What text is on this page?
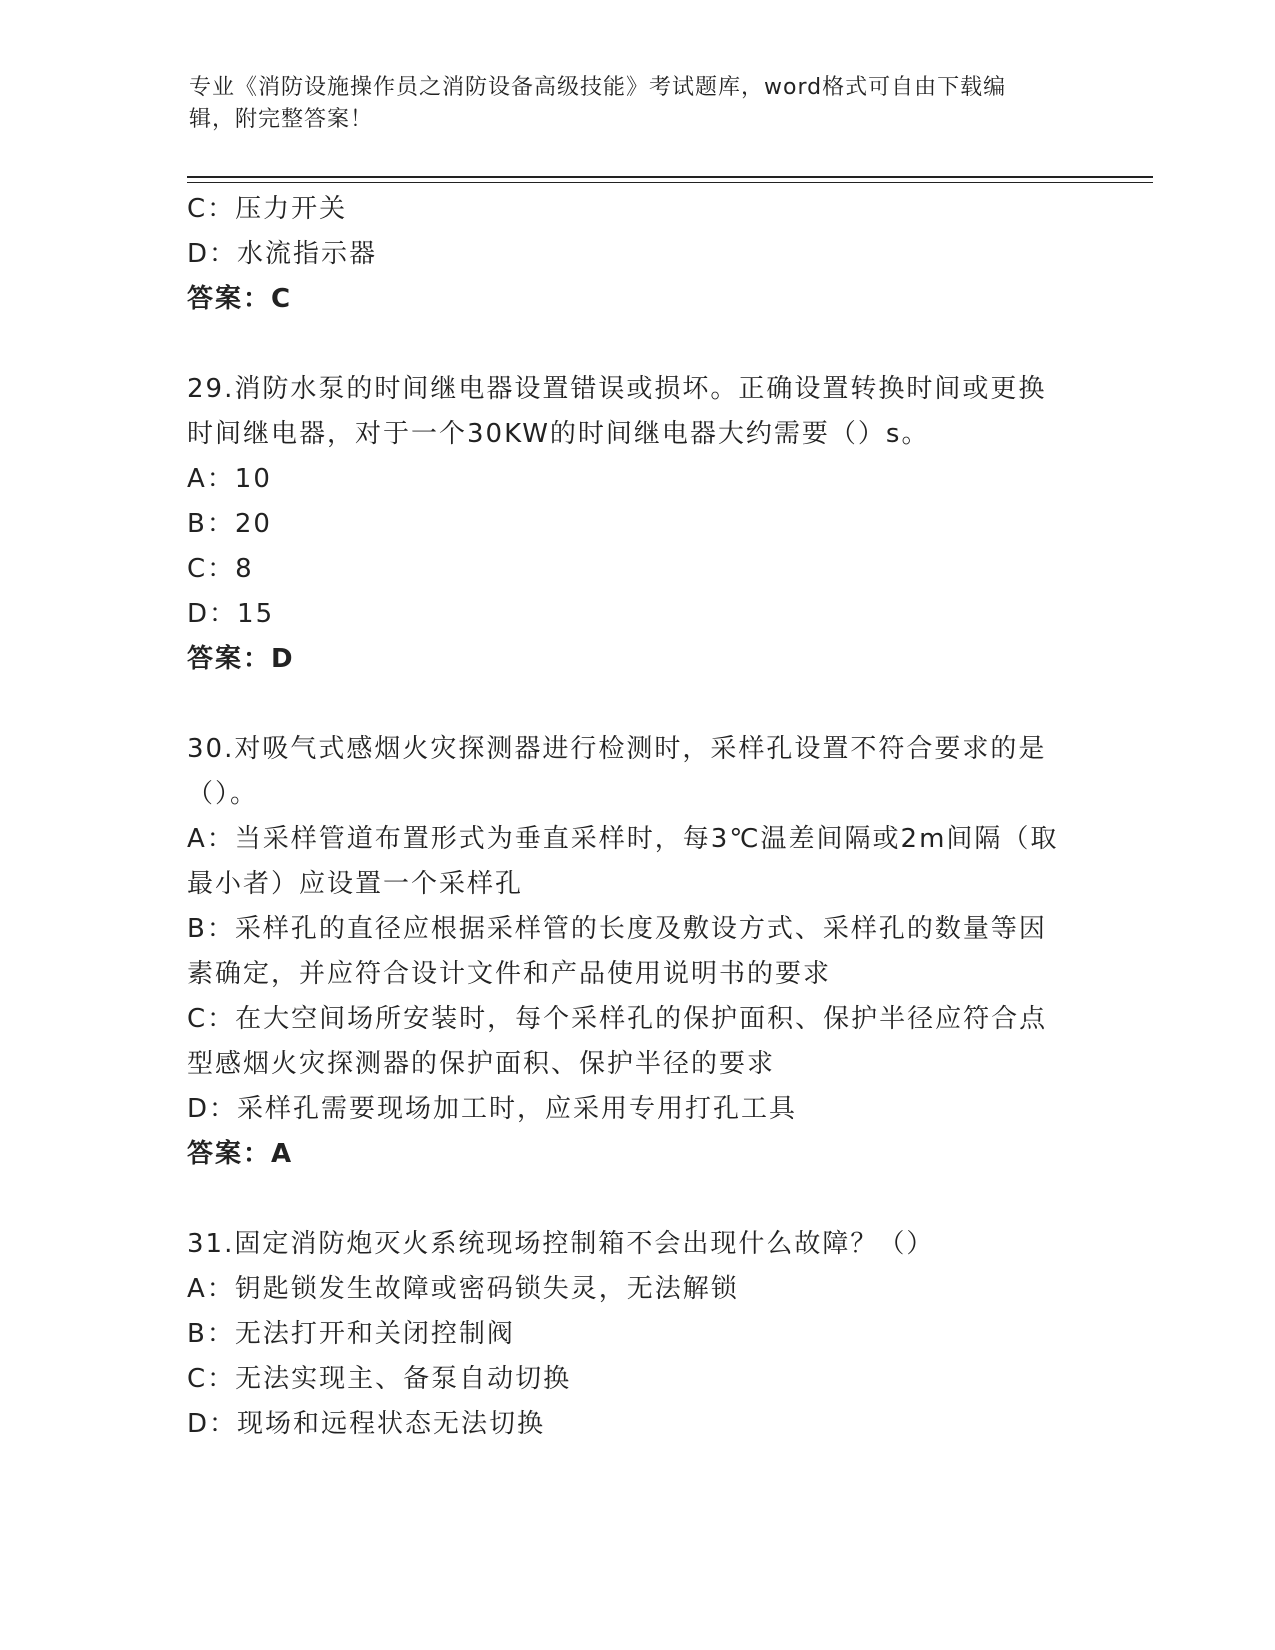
专业《消防设施操作员之消防设备高级技能》考试题库，word格式可自由下载编
辑，附完整答案！
C：压力开关
D：水流指示器
答案：C
29.消防水泵的时间继电器设置错误或损坏。正确设置转换时间或更换
时间继电器，对于一个30KW的时间继电器大约需要（）s。
A：10
B：20
C：8
D：15
答案：D
30.对吸气式感烟火灾探测器进行检测时，采样孔设置不符合要求的是
（）。
A：当采样管道布置形式为垂直采样时，每3℃温差间隔或2m间隔（取
最小者）应设置一个采样孔
B：采样孔的直径应根据采样管的长度及敷设方式、采样孔的数量等因
素确定，并应符合设计文件和产品使用说明书的要求
C：在大空间场所安装时，每个采样孔的保护面积、保护半径应符合点
型感烟火灾探测器的保护面积、保护半径的要求
D：采样孔需要现场加工时，应采用专用打孔工具
答案：A
31.固定消防炮灭火系统现场控制箱不会出现什么故障？（）
A：钥匙锁发生故障或密码锁失灵，无法解锁
B：无法打开和关闭控制阀
C：无法实现主、备泵自动切换
D：现场和远程状态无法切换
